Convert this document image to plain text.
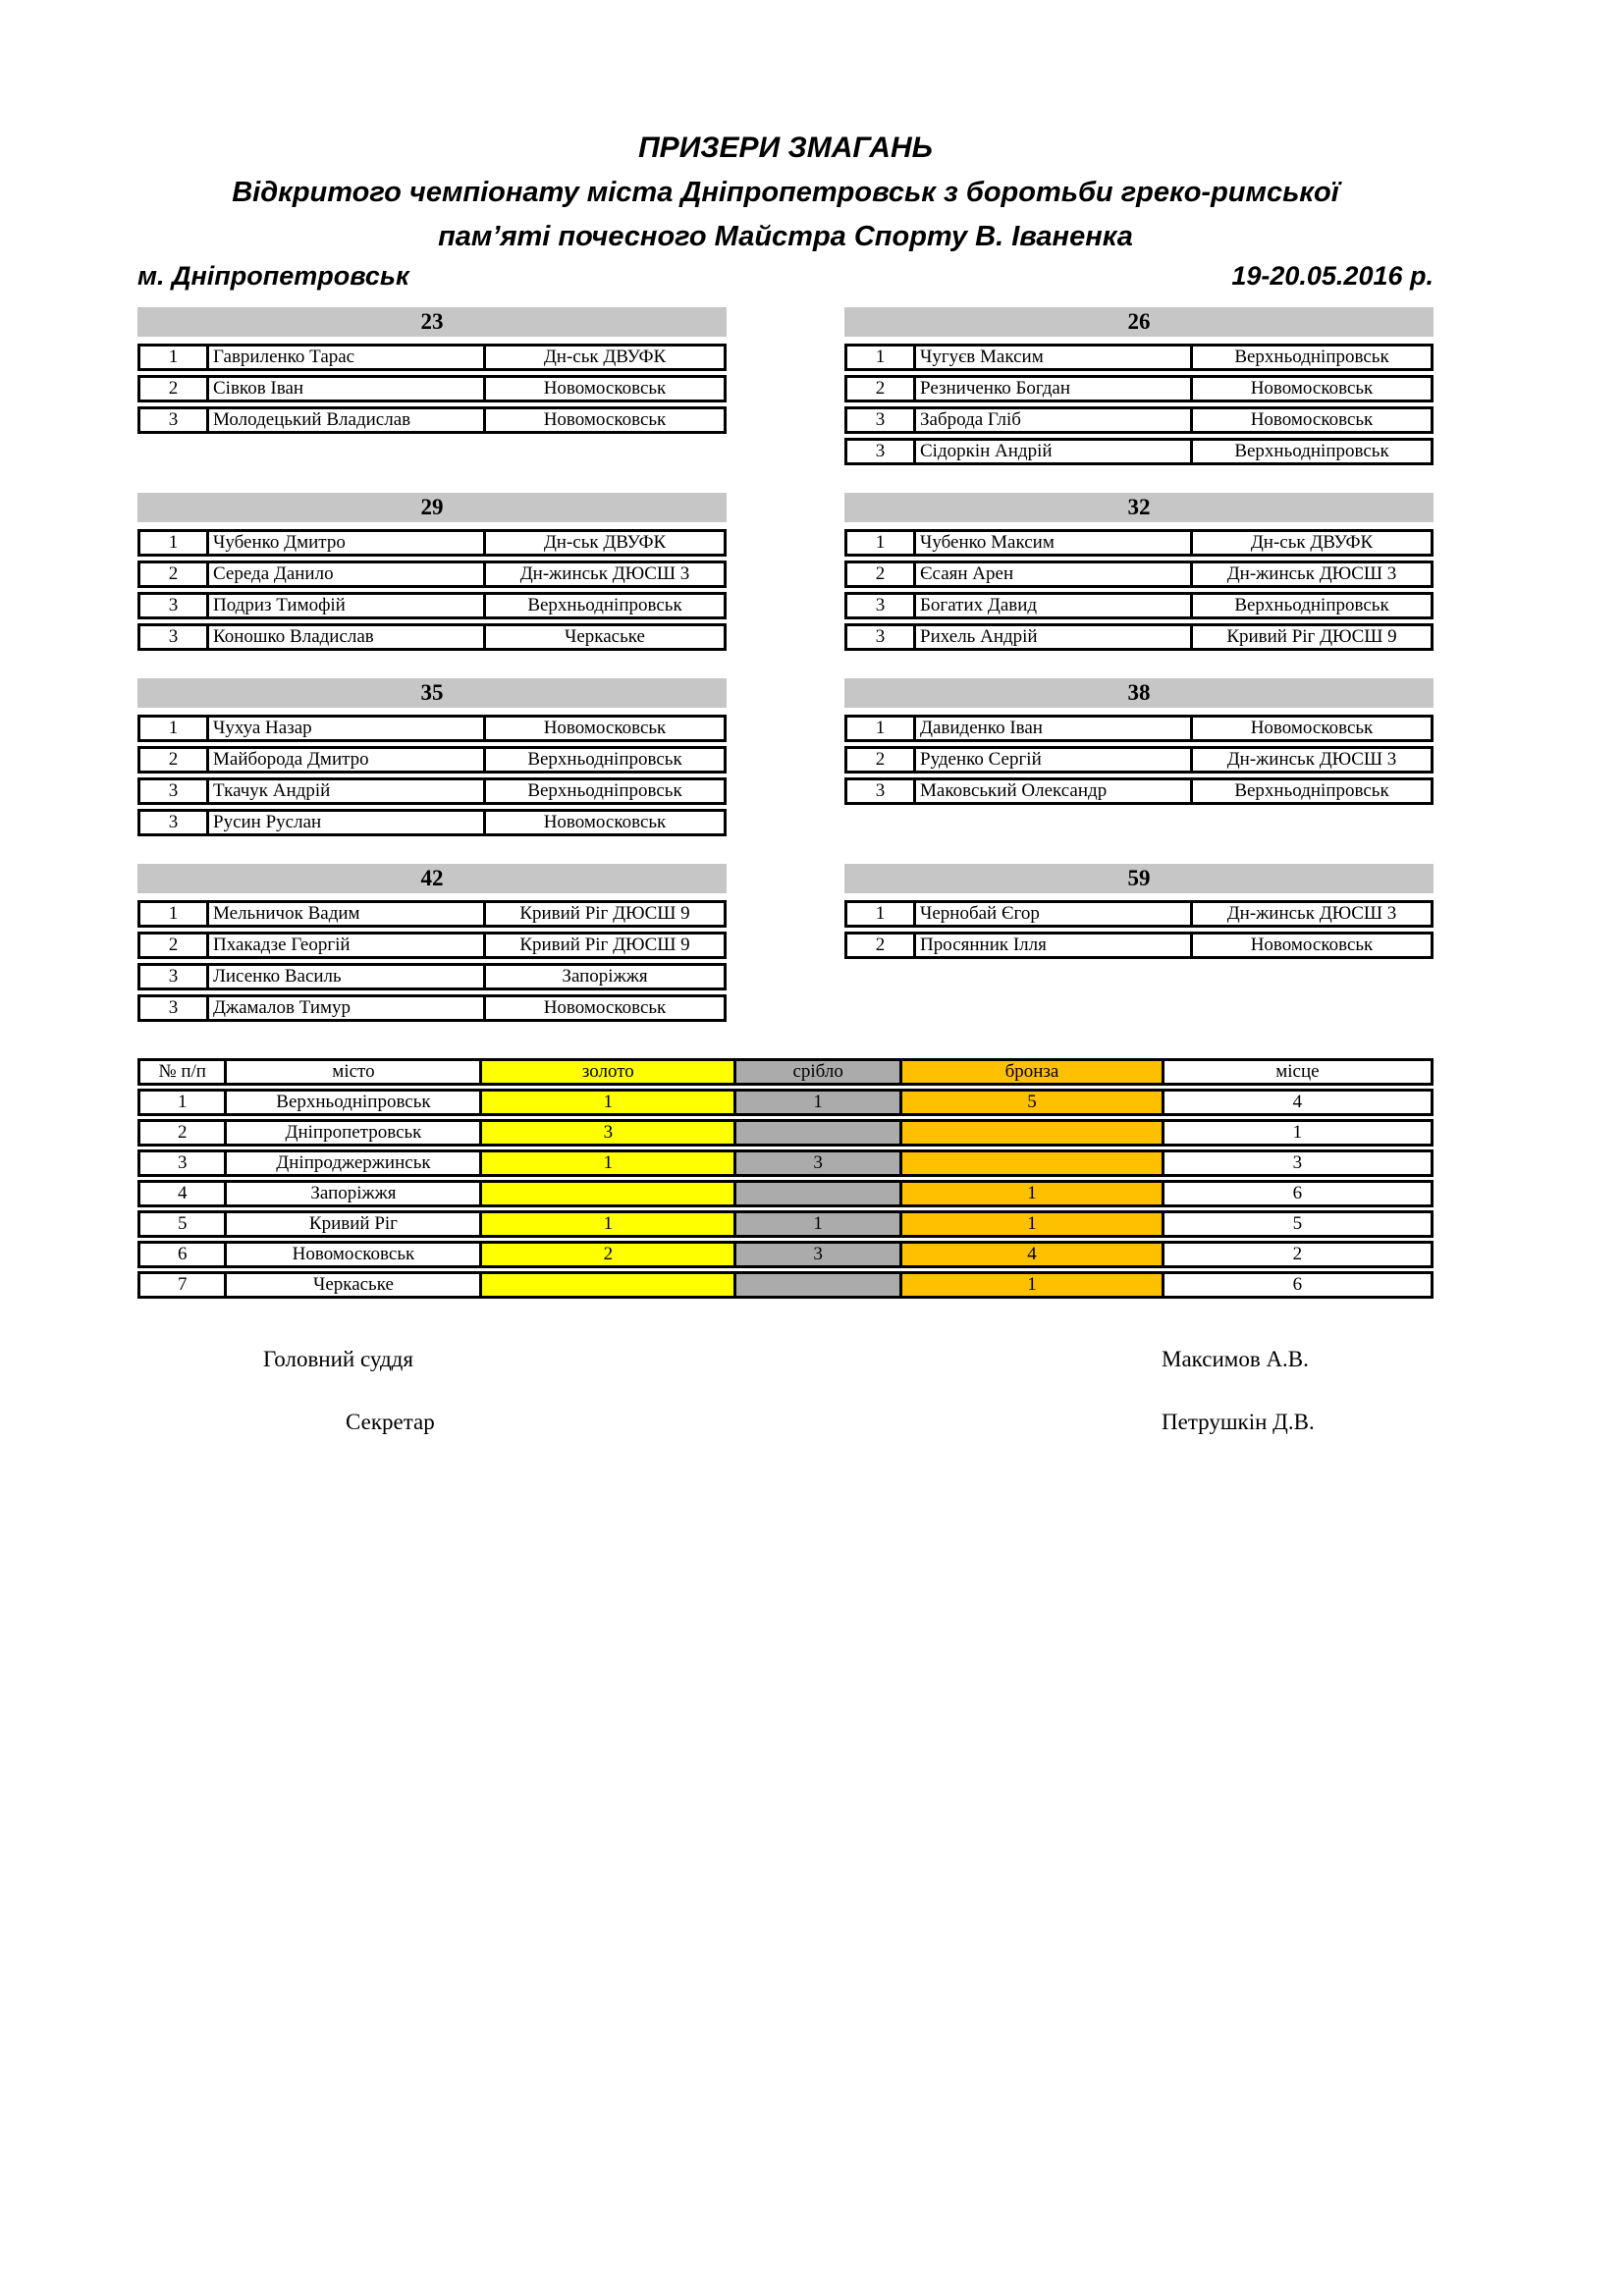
ПРИЗЕРИ ЗМАГАНЬ
Відкритого чемпіонату міста Дніпропетровськ з боротьби греко-римської
пам’яті почесного Майстра Спорту В. Іваненка
м. Дніпропетровськ	19-20.05.2016 р.
23
1	Гавриленко Тарас	Дн-ськ ДВУФК
2	Сівков Іван	Новомосковськ
3	Молодецький Владислав	Новомосковськ
26
1	Чугуєв Максим	Верхньодніпровськ
2	Резниченко Богдан	Новомосковськ
3	Заброда Гліб	Новомосковськ
3	Сідоркін Андрій	Верхньодніпровськ
29
1	Чубенко Дмитро	Дн-ськ ДВУФК
2	Середа Данило	Дн-жинськ ДЮСШ 3
3	Подриз Тимофій	Верхньодніпровськ
3	Коношко Владислав	Черкаське
32
1	Чубенко Максим	Дн-ськ ДВУФК
2	Єсаян Арен	Дн-жинськ ДЮСШ 3
3	Богатих Давид	Верхньодніпровськ
3	Рихель Андрій	Кривий Ріг ДЮСШ 9
35
1	Чухуа Назар	Новомосковськ
2	Майборода Дмитро	Верхньодніпровськ
3	Ткачук Андрій	Верхньодніпровськ
3	Русин Руслан	Новомосковськ
38
1	Давиденко Іван	Новомосковськ
2	Руденко Сергій	Дн-жинськ ДЮСШ 3
3	Маковський Олександр	Верхньодніпровськ
42
1	Мельничок Вадим	Кривий Ріг ДЮСШ 9
2	Пхакадзе Георгій	Кривий Ріг ДЮСШ 9
3	Лисенко Василь	Запоріжжя
3	Джамалов Тимур	Новомосковськ
59
1	Чернобай Єгор	Дн-жинськ ДЮСШ 3
2	Просянник Ілля	Новомосковськ
№ п/п	місто	золото	срібло	бронза	місце
1	Верхньодніпровськ	1	1	5	4
2	Дніпропетровськ	3			1
3	Дніпроджержинськ	1	3		3
4	Запоріжжя			1	6
5	Кривий Ріг	1	1	1	5
6	Новомосковськ	2	3	4	2
7	Черкаське			1	6
Головний суддя	Максимов А.В.
Секретар	Петрушкін Д.В.
